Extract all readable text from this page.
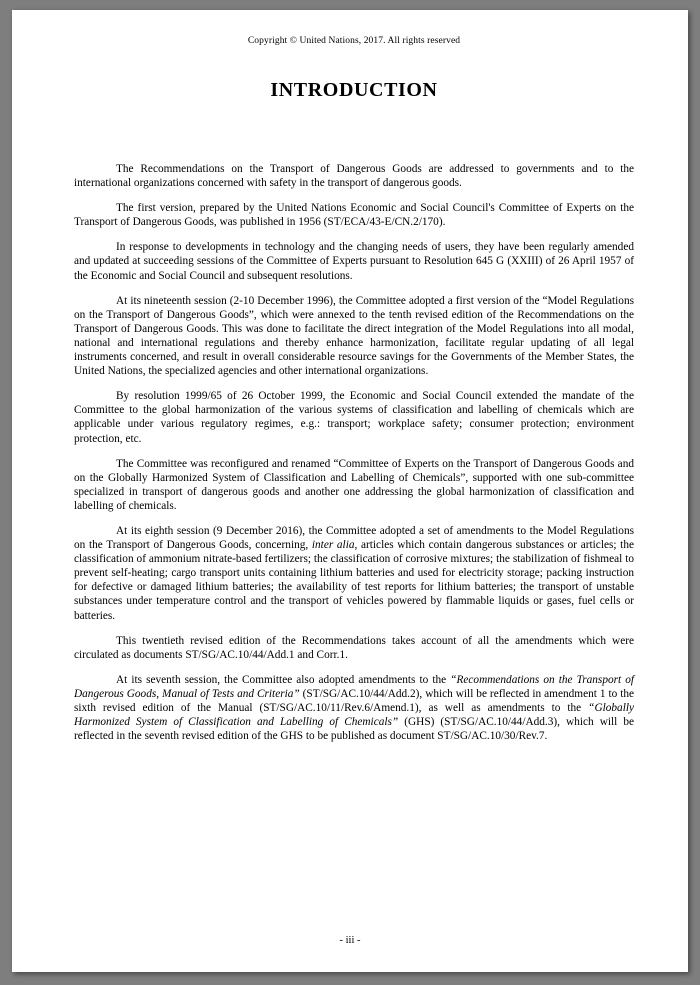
Copyright © United Nations, 2017. All rights reserved
INTRODUCTION

The Recommendations on the Transport of Dangerous Goods are addressed to governments and to the international organizations concerned with safety in the transport of dangerous goods.

The first version, prepared by the United Nations Economic and Social Council's Committee of Experts on the Transport of Dangerous Goods, was published in 1956 (ST/ECA/43-E/CN.2/170).

In response to developments in technology and the changing needs of users, they have been regularly amended and updated at succeeding sessions of the Committee of Experts pursuant to Resolution 645 G (XXIII) of 26 April 1957 of the Economic and Social Council and subsequent resolutions.

At its nineteenth session (2-10 December 1996), the Committee adopted a first version of the “Model Regulations on the Transport of Dangerous Goods”, which were annexed to the tenth revised edition of the Recommendations on the Transport of Dangerous Goods. This was done to facilitate the direct integration of the Model Regulations into all modal, national and international regulations and thereby enhance harmonization, facilitate regular updating of all legal instruments concerned, and result in overall considerable resource savings for the Governments of the Member States, the United Nations, the specialized agencies and other international organizations.

By resolution 1999/65 of 26 October 1999, the Economic and Social Council extended the mandate of the Committee to the global harmonization of the various systems of classification and labelling of chemicals which are applicable under various regulatory regimes, e.g.: transport; workplace safety; consumer protection; environment protection, etc.

The Committee was reconfigured and renamed “Committee of Experts on the Transport of Dangerous Goods and on the Globally Harmonized System of Classification and Labelling of Chemicals”, supported with one sub-committee specialized in transport of dangerous goods and another one addressing the global harmonization of classification and labelling of chemicals.

At its eighth session (9 December 2016), the Committee adopted a set of amendments to the Model Regulations on the Transport of Dangerous Goods, concerning, inter alia, articles which contain dangerous substances or articles; the classification of ammonium nitrate-based fertilizers; the classification of corrosive mixtures; the stabilization of fishmeal to prevent self-heating; cargo transport units containing lithium batteries and used for electricity storage; packing instruction for defective or damaged lithium batteries; the availability of test reports for lithium batteries; the transport of unstable substances under temperature control and the transport of vehicles powered by flammable liquids or gases, fuel cells or batteries.

This twentieth revised edition of the Recommendations takes account of all the amendments which were circulated as documents ST/SG/AC.10/44/Add.1 and Corr.1.

At its seventh session, the Committee also adopted amendments to the “Recommendations on the Transport of Dangerous Goods, Manual of Tests and Criteria” (ST/SG/AC.10/44/Add.2), which will be reflected in amendment 1 to the sixth revised edition of the Manual (ST/SG/AC.10/11/Rev.6/Amend.1), as well as amendments to the “Globally Harmonized System of Classification and Labelling of Chemicals” (GHS) (ST/SG/AC.10/44/Add.3), which will be reflected in the seventh revised edition of the GHS to be published as document ST/SG/AC.10/30/Rev.7.

- iii -
